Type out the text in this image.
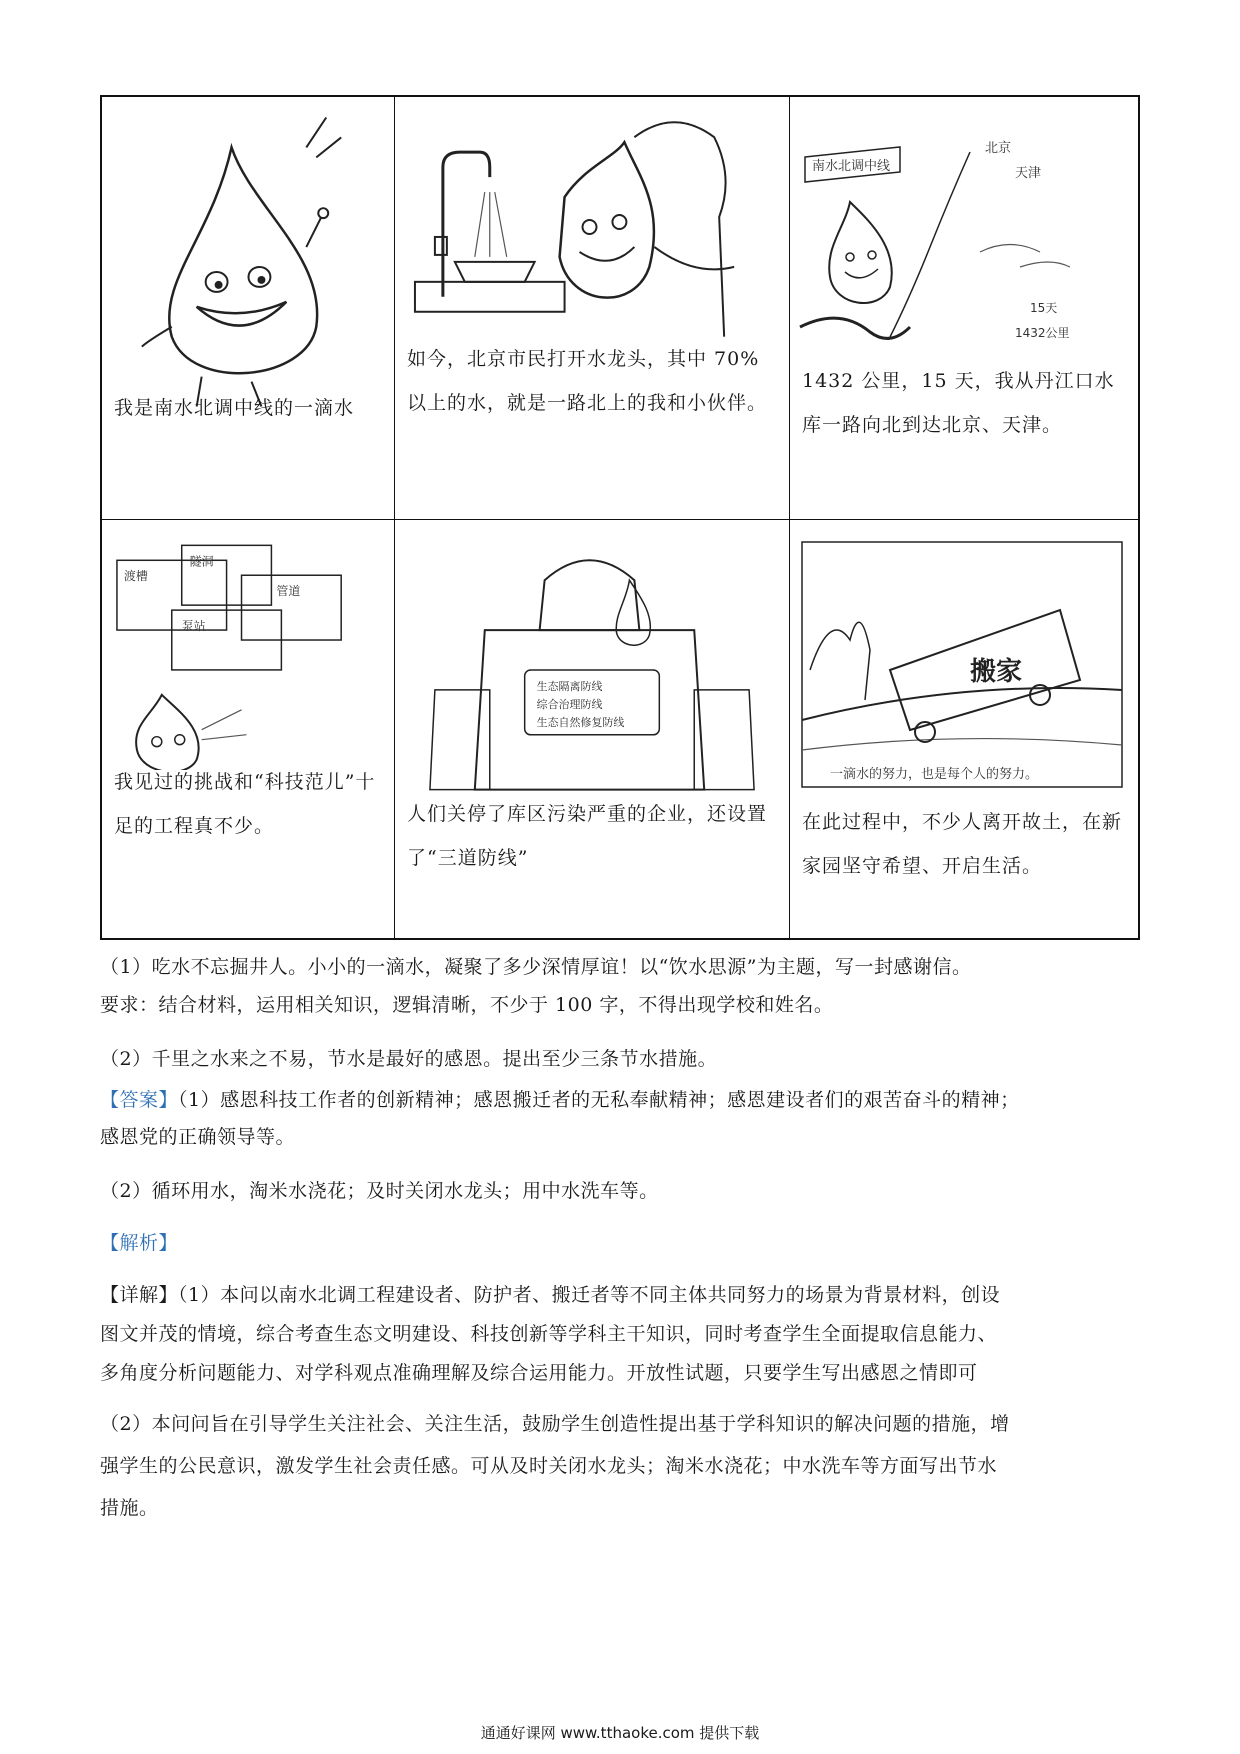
我是南水北调中线的一滴水
如今，北京市民打开水龙头，其中 70%以上的水，就是一路北上的我和小伙伴。
南水北调中线
北京
天津
15天
1432公里
1432 公里，15 天，我从丹江口水库一路向北到达北京、天津。
隧洞
渡槽
管道
泵站
我见过的挑战和“科技范儿”十足的工程真不少。
生态隔离防线
综合治理防线
生态自然修复防线
人们关停了库区污染严重的企业，还设置了“三道防线”
搬家
一滴水的努力，也是每个人的努力。
在此过程中，不少人离开故土，在新家园坚守希望、开启生活。
（1）吃水不忘掘井人。小小的一滴水，凝聚了多少深情厚谊！以“饮水思源”为主题，写一封感谢信。
要求：结合材料，运用相关知识，逻辑清晰，不少于 100 字，不得出现学校和姓名。
（2）千里之水来之不易，节水是最好的感恩。提出至少三条节水措施。
【答案】（1）感恩科技工作者的创新精神；感恩搬迁者的无私奉献精神；感恩建设者们的艰苦奋斗的精神；
感恩党的正确领导等。
（2）循环用水，淘米水浇花；及时关闭水龙头；用中水洗车等。
【解析】
【详解】（1）本问以南水北调工程建设者、防护者、搬迁者等不同主体共同努力的场景为背景材料，创设
图文并茂的情境，综合考查生态文明建设、科技创新等学科主干知识，同时考查学生全面提取信息能力、
多角度分析问题能力、对学科观点准确理解及综合运用能力。开放性试题，只要学生写出感恩之情即可
（2）本问问旨在引导学生关注社会、关注生活，鼓励学生创造性提出基于学科知识的解决问题的措施，增
强学生的公民意识，激发学生社会责任感。可从及时关闭水龙头；淘米水浇花；中水洗车等方面写出节水
措施。
通通好课网 www.tthaoke.com 提供下载
